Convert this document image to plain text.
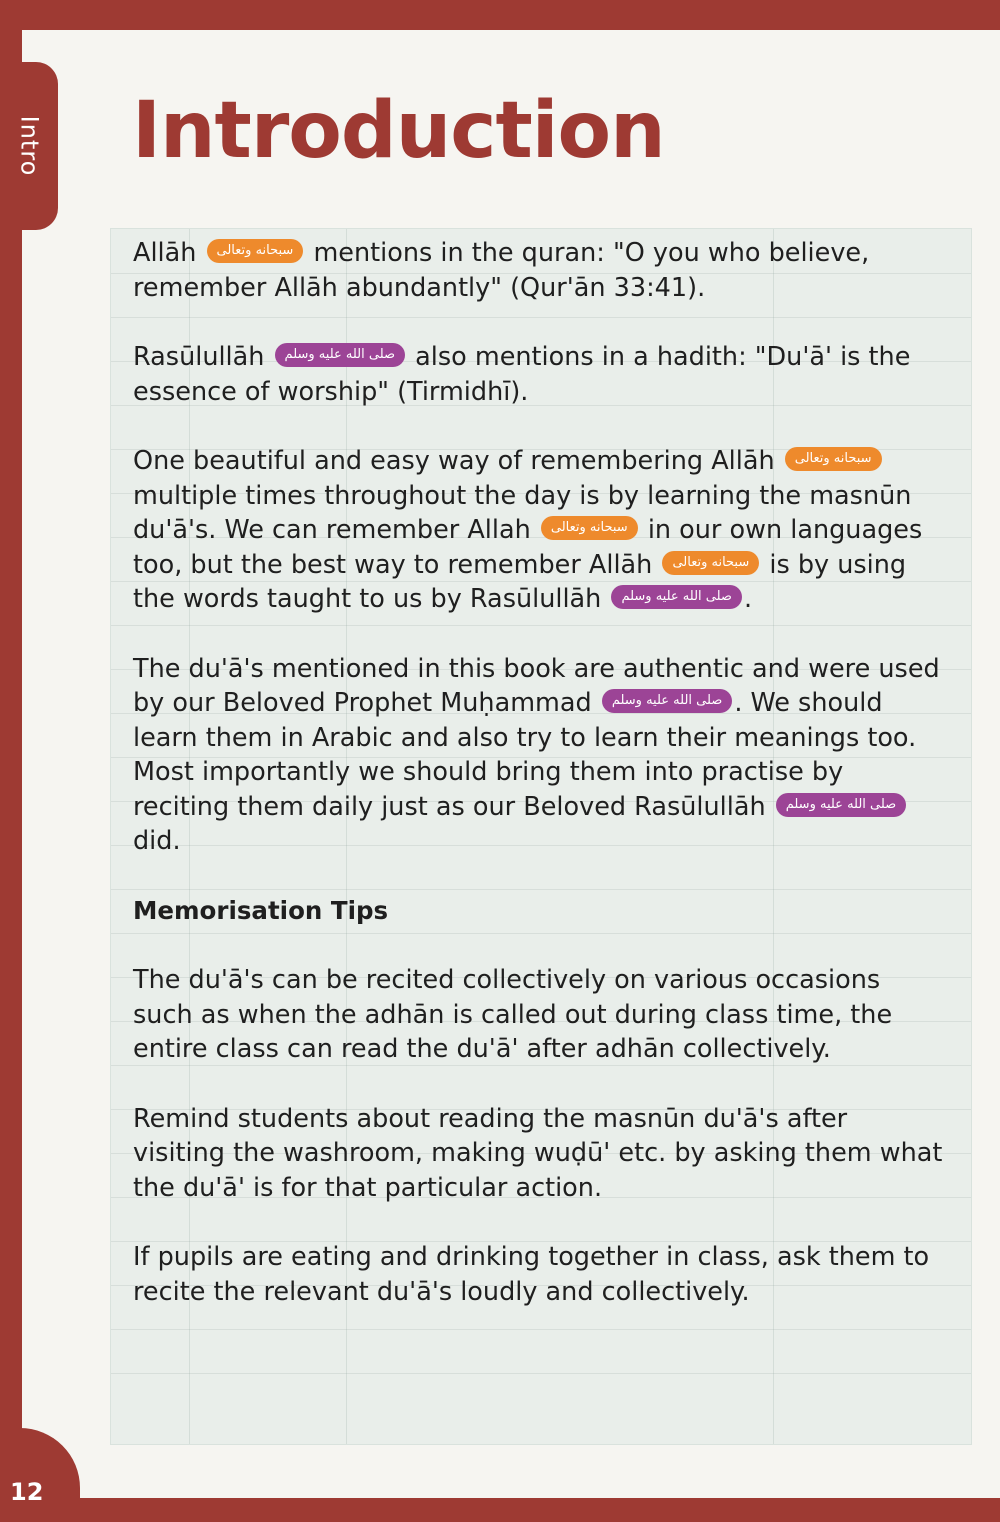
Intro
12
Introduction

Allāh سبحانه وتعالى mentions in the quran: "O you who believe, remember Allāh abundantly" (Qur'ān 33:41).

Rasūlullāh صلى الله عليه وسلم also mentions in a hadith: "Du'ā' is the essence of worship" (Tirmidhī).

One beautiful and easy way of remembering Allāh سبحانه وتعالى multiple times throughout the day is by learning the masnūn du'ā's. We can remember Allah سبحانه وتعالى in our own languages too, but the best way to remember Allāh سبحانه وتعالى is by using the words taught to us by Rasūlullāh صلى الله عليه وسلم .

The du'ā's mentioned in this book are authentic and were used by our Beloved Prophet Muḥammad صلى الله عليه وسلم . We should learn them in Arabic and also try to learn their meanings too. Most importantly we should bring them into practise by reciting them daily just as our Beloved Rasūlullāh صلى الله عليه وسلم did.

Memorisation Tips

The du'ā's can be recited collectively on various occasions such as when the adhān is called out during class time, the entire class can read the du'ā' after adhān collectively.

Remind students about reading the masnūn du'ā's after visiting the washroom, making wuḍū' etc. by asking them what the du'ā' is for that particular action.

If pupils are eating and drinking together in class, ask them to recite the relevant du'ā's loudly and collectively.
